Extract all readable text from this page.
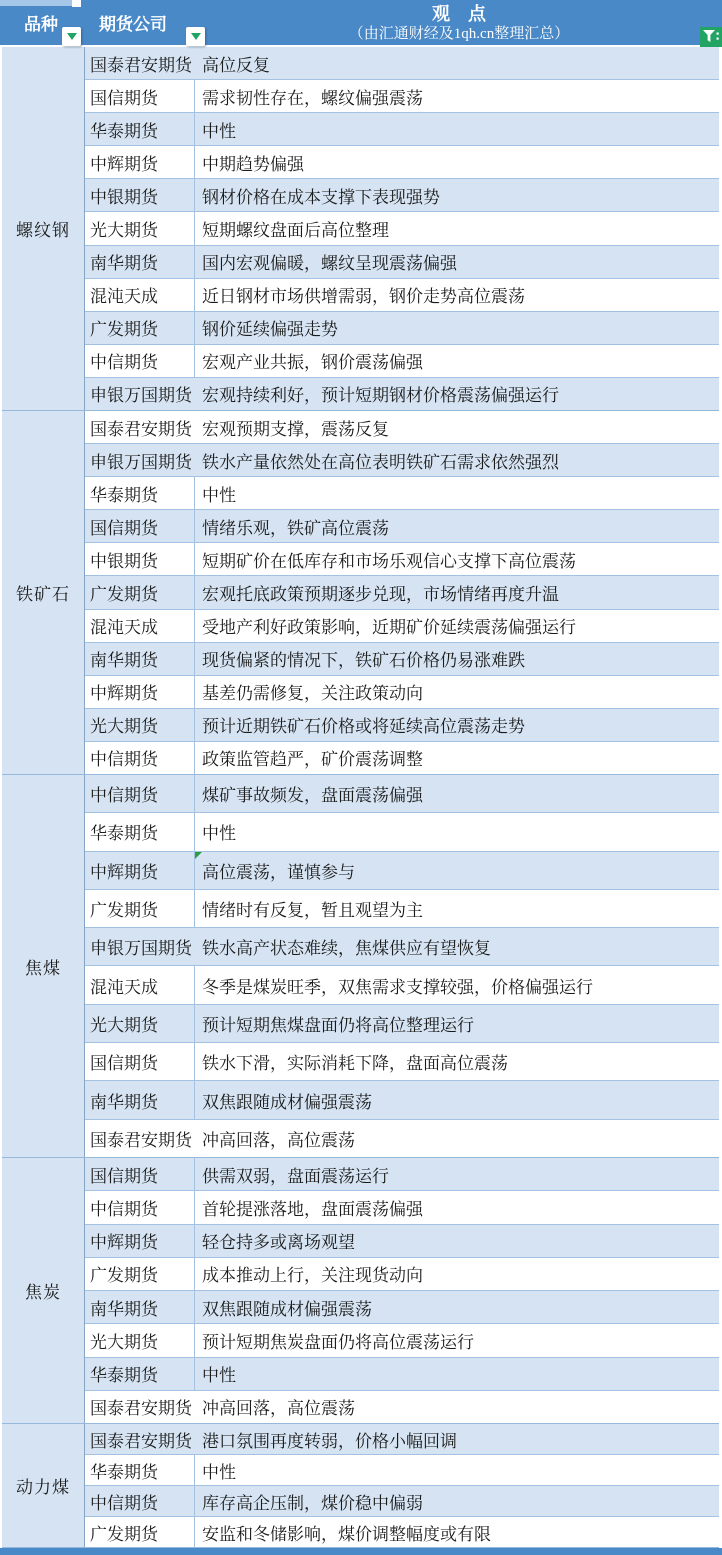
品种 期货公司
观　点
（由汇通财经及1qh.cn整理汇总）
螺纹钢
国泰君安期货 高位反复
国信期货	需求韧性存在，螺纹偏强震荡
华泰期货	中性
中辉期货	中期趋势偏强
中银期货	钢材价格在成本支撑下表现强势
光大期货	短期螺纹盘面后高位整理
南华期货	国内宏观偏暖，螺纹呈现震荡偏强
混沌天成	近日钢材市场供增需弱，钢价走势高位震荡
广发期货	钢价延续偏强走势
中信期货	宏观产业共振，钢价震荡偏强
申银万国期货 宏观持续利好，预计短期钢材价格震荡偏强运行
铁矿石
国泰君安期货 宏观预期支撑，震荡反复
申银万国期货 铁水产量依然处在高位表明铁矿石需求依然强烈
华泰期货	中性
国信期货	情绪乐观，铁矿高位震荡
中银期货	短期矿价在低库存和市场乐观信心支撑下高位震荡
广发期货	宏观托底政策预期逐步兑现，市场情绪再度升温
混沌天成	受地产利好政策影响，近期矿价延续震荡偏强运行
南华期货	现货偏紧的情况下，铁矿石价格仍易涨难跌
中辉期货	基差仍需修复，关注政策动向
光大期货	预计近期铁矿石价格或将延续高位震荡走势
中信期货	政策监管趋严，矿价震荡调整
焦煤
中信期货	煤矿事故频发，盘面震荡偏强
华泰期货	中性
中辉期货	高位震荡，谨慎参与
广发期货	情绪时有反复，暂且观望为主
申银万国期货 铁水高产状态难续，焦煤供应有望恢复
混沌天成	冬季是煤炭旺季，双焦需求支撑较强，价格偏强运行
光大期货	预计短期焦煤盘面仍将高位整理运行
国信期货	铁水下滑，实际消耗下降，盘面高位震荡
南华期货	双焦跟随成材偏强震荡
国泰君安期货 冲高回落，高位震荡
焦炭
国信期货	供需双弱，盘面震荡运行
中信期货	首轮提涨落地，盘面震荡偏强
中辉期货	轻仓持多或离场观望
广发期货	成本推动上行，关注现货动向
南华期货	双焦跟随成材偏强震荡
光大期货	预计短期焦炭盘面仍将高位震荡运行
华泰期货	中性
国泰君安期货 冲高回落，高位震荡
动力煤
国泰君安期货 港口氛围再度转弱，价格小幅回调
华泰期货	中性
中信期货	库存高企压制，煤价稳中偏弱
广发期货	安监和冬储影响，煤价调整幅度或有限
